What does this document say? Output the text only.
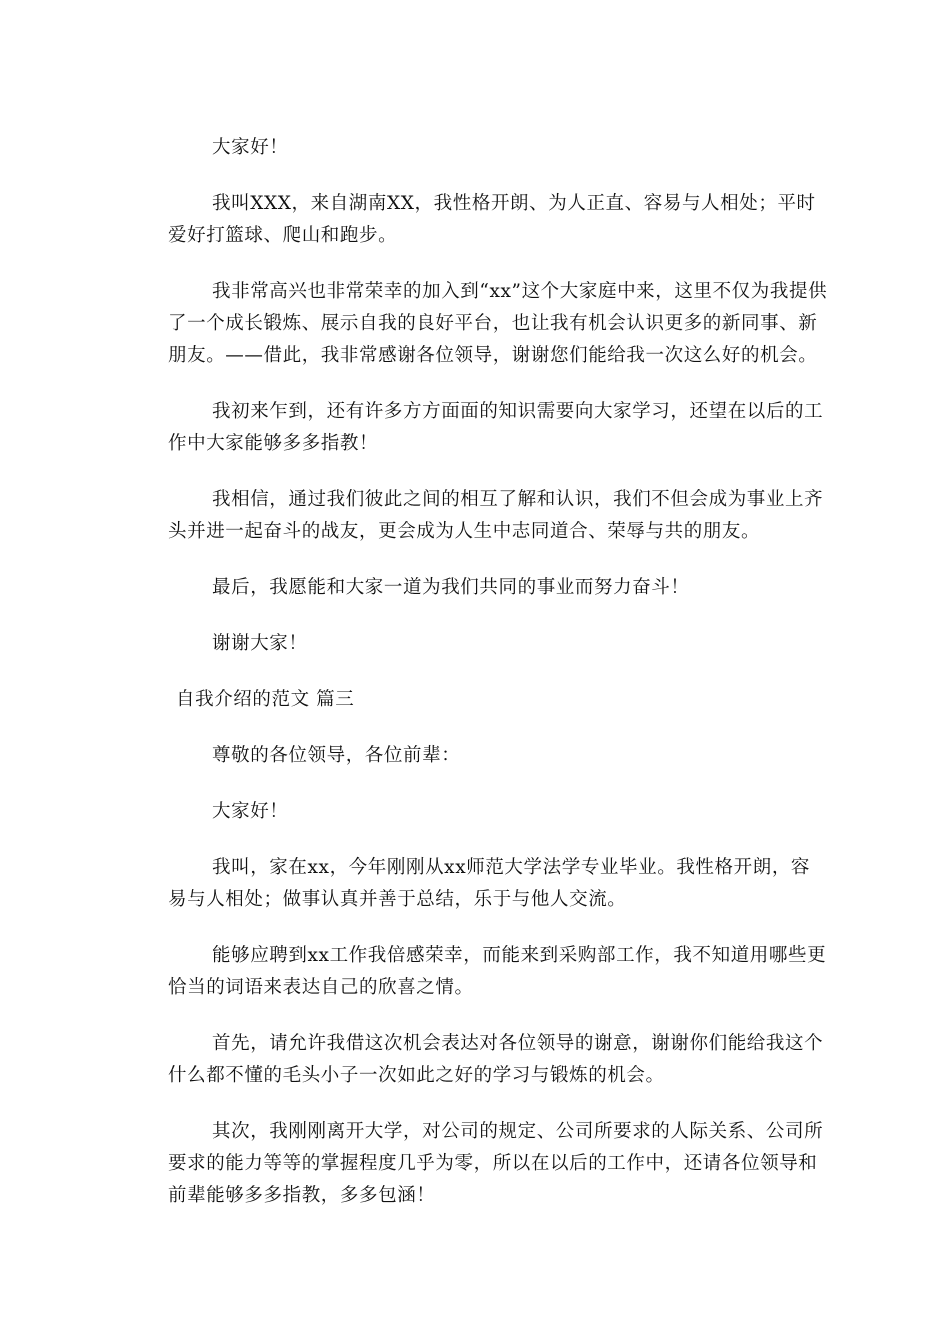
大家好！

我叫XXX，来自湖南XX，我性格开朗、为人正直、容易与人相处；平时爱好打篮球、爬山和跑步。

我非常高兴也非常荣幸的加入到“xx”这个大家庭中来，这里不仅为我提供了一个成长锻炼、展示自我的良好平台，也让我有机会认识更多的新同事、新朋友。——借此，我非常感谢各位领导，谢谢您们能给我一次这么好的机会。

我初来乍到，还有许多方方面面的知识需要向大家学习，还望在以后的工作中大家能够多多指教！

我相信，通过我们彼此之间的相互了解和认识，我们不但会成为事业上齐头并进一起奋斗的战友，更会成为人生中志同道合、荣辱与共的朋友。

最后，我愿能和大家一道为我们共同的事业而努力奋斗！

谢谢大家！

自我介绍的范文 篇三

尊敬的各位领导，各位前辈：

大家好！

我叫，家在xx，今年刚刚从xx师范大学法学专业毕业。我性格开朗，容易与人相处；做事认真并善于总结，乐于与他人交流。

能够应聘到xx工作我倍感荣幸，而能来到采购部工作，我不知道用哪些更恰当的词语来表达自己的欣喜之情。

首先，请允许我借这次机会表达对各位领导的谢意，谢谢你们能给我这个什么都不懂的毛头小子一次如此之好的学习与锻炼的机会。

其次，我刚刚离开大学，对公司的规定、公司所要求的人际关系、公司所要求的能力等等的掌握程度几乎为零，所以在以后的工作中，还请各位领导和前辈能够多多指教，多多包涵！
